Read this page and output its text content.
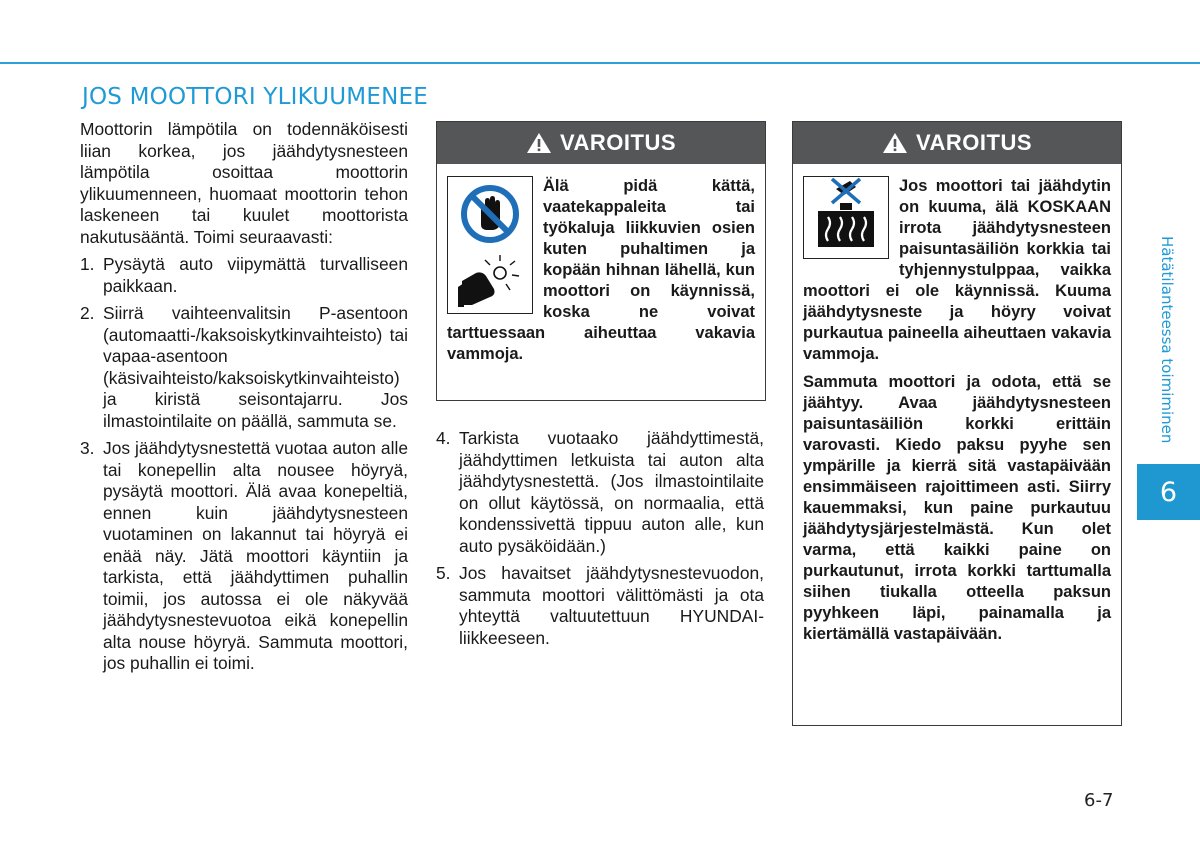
JOS MOOTTORI YLIKUUMENEE

Moottorin lämpötila on todennäköisesti liian korkea, jos jäähdytysnesteen lämpötila osoittaa moottorin ylikuumenneen, huomaat moottorin tehon laskeneen tai kuulet moottorista nakutusääntä. Toimi seuraavasti:

1. Pysäytä auto viipymättä turvalliseen paikkaan.
2. Siirrä vaihteenvalitsin P-asentoon (automaatti-/kaksoiskytkinvaihteisto) tai vapaa-asentoon (käsivaihteisto/kaksoiskytkinvaihteisto) ja kiristä seisontajarru. Jos ilmastointilaite on päällä, sammuta se.
3. Jos jäähdytysnestettä vuotaa auton alle tai konepellin alta nousee höyryä, pysäytä moottori. Älä avaa konepeltiä, ennen kuin jäähdytysnesteen vuotaminen on lakannut tai höyryä ei enää näy. Jätä moottori käyntiin ja tarkista, että jäähdyttimen puhallin toimii, jos autossa ei ole näkyvää jäähdytysnestevuotoa eikä konepellin alta nouse höyryä. Sammuta moottori, jos puhallin ei toimi.
VAROITUS

Älä pidä kättä, vaatekappaleita tai työkaluja liikkuvien osien kuten puhaltimen ja kopään hihnan lähellä, kun moottori on käynnissä, koska ne voivat tarttuessaan aiheuttaa vakavia vammoja.

4. Tarkista vuotaako jäähdyttimestä, jäähdyttimen letkuista tai auton alta jäähdytysnestettä. (Jos ilmastointilaite on ollut käytössä, on normaalia, että kondenssivettä tippuu auton alle, kun auto pysäköidään.)
5. Jos havaitset jäähdytysnestevuodon, sammuta moottori välittömästi ja ota yhteyttä valtuutettuun HYUNDAI-liikkeeseen.
VAROITUS

Jos moottori tai jäähdytin on kuuma, älä KOSKAAN irrota jäähdytysnesteen paisuntasäiliön korkkia tai tyhjennystulppaa, vaikka moottori ei ole käynnissä. Kuuma jäähdytysneste ja höyry voivat purkautua paineella aiheuttaen vakavia vammoja.

Sammuta moottori ja odota, että se jäähtyy. Avaa jäähdytysnesteen paisuntasäiliön korkki erittäin varovasti. Kiedo paksu pyyhe sen ympärille ja kierrä sitä vastapäivään ensimmäiseen rajoittimeen asti. Siirry kauemmaksi, kun paine purkautuu jäähdytysjärjestelmästä. Kun olet varma, että kaikki paine on purkautunut, irrota korkki tarttumalla siihen tiukalla otteella paksun pyyhkeen läpi, painamalla ja kiertämällä vastapäivään.

Hätätilanteessa toimiminen
6
6-7
